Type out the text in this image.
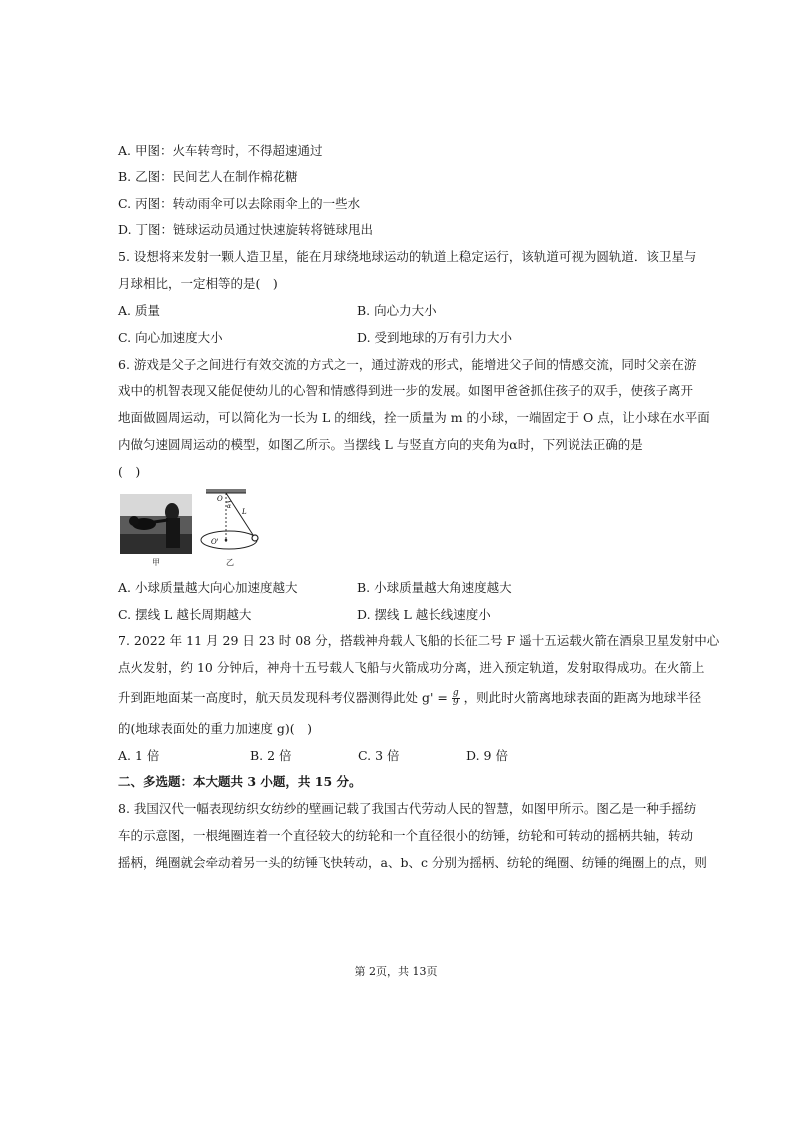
A. 甲图：火车转弯时，不得超速通过
B. 乙图：民间艺人在制作棉花糖
C. 丙图：转动雨伞可以去除雨伞上的一些水
D. 丁图：链球运动员通过快速旋转将链球甩出
5. 设想将来发射一颗人造卫星，能在月球绕地球运动的轨道上稳定运行，该轨道可视为圆轨道．该卫星与
月球相比，一定相等的是(　)
A. 质量	B. 向心力大小
C. 向心加速度大小	D. 受到地球的万有引力大小
6. 游戏是父子之间进行有效交流的方式之一，通过游戏的形式，能增进父子间的情感交流，同时父亲在游
戏中的机智表现又能促使幼儿的心智和情感得到进一步的发展。如图甲爸爸抓住孩子的双手，使孩子离开
地面做圆周运动，可以简化为一长为 L 的细线，拴一质量为 m 的小球，一端固定于 O 点，让小球在水平面
内做匀速圆周运动的模型，如图乙所示。当摆线 L 与竖直方向的夹角为α时，下列说法正确的是
(　)
甲
O
α
L
O'
乙
A. 小球质量越大向心加速度越大	B. 小球质量越大角速度越大
C. 摆线 L 越长周期越大	D. 摆线 L 越长线速度小
7. 2022 年 11 月 29 日 23 时 08 分，搭载神舟载人飞船的长征二号 F 遥十五运载火箭在酒泉卫星发射中心
点火发射，约 10 分钟后，神舟十五号载人飞船与火箭成功分离，进入预定轨道，发射取得成功。在火箭上
升到距地面某一高度时，航天员发现科考仪器测得此处 $g' = \frac{g}{9}$ ，则此时火箭离地球表面的距离为地球半径
的(地球表面处的重力加速度 g)(　)
A. 1 倍	B. 2 倍	C. 3 倍	D. 9 倍
二、多选题：本大题共 3 小题，共 15 分。
8. 我国汉代一幅表现纺织女纺纱的壁画记载了我国古代劳动人民的智慧，如图甲所示。图乙是一种手摇纺
车的示意图，一根绳圈连着一个直径较大的纺轮和一个直径很小的纺锤，纺轮和可转动的摇柄共轴，转动
摇柄，绳圈就会牵动着另一头的纺锤飞快转动，a、b、c 分别为摇柄、纺轮的绳圈、纺锤的绳圈上的点，则
第 2页，共 13页
